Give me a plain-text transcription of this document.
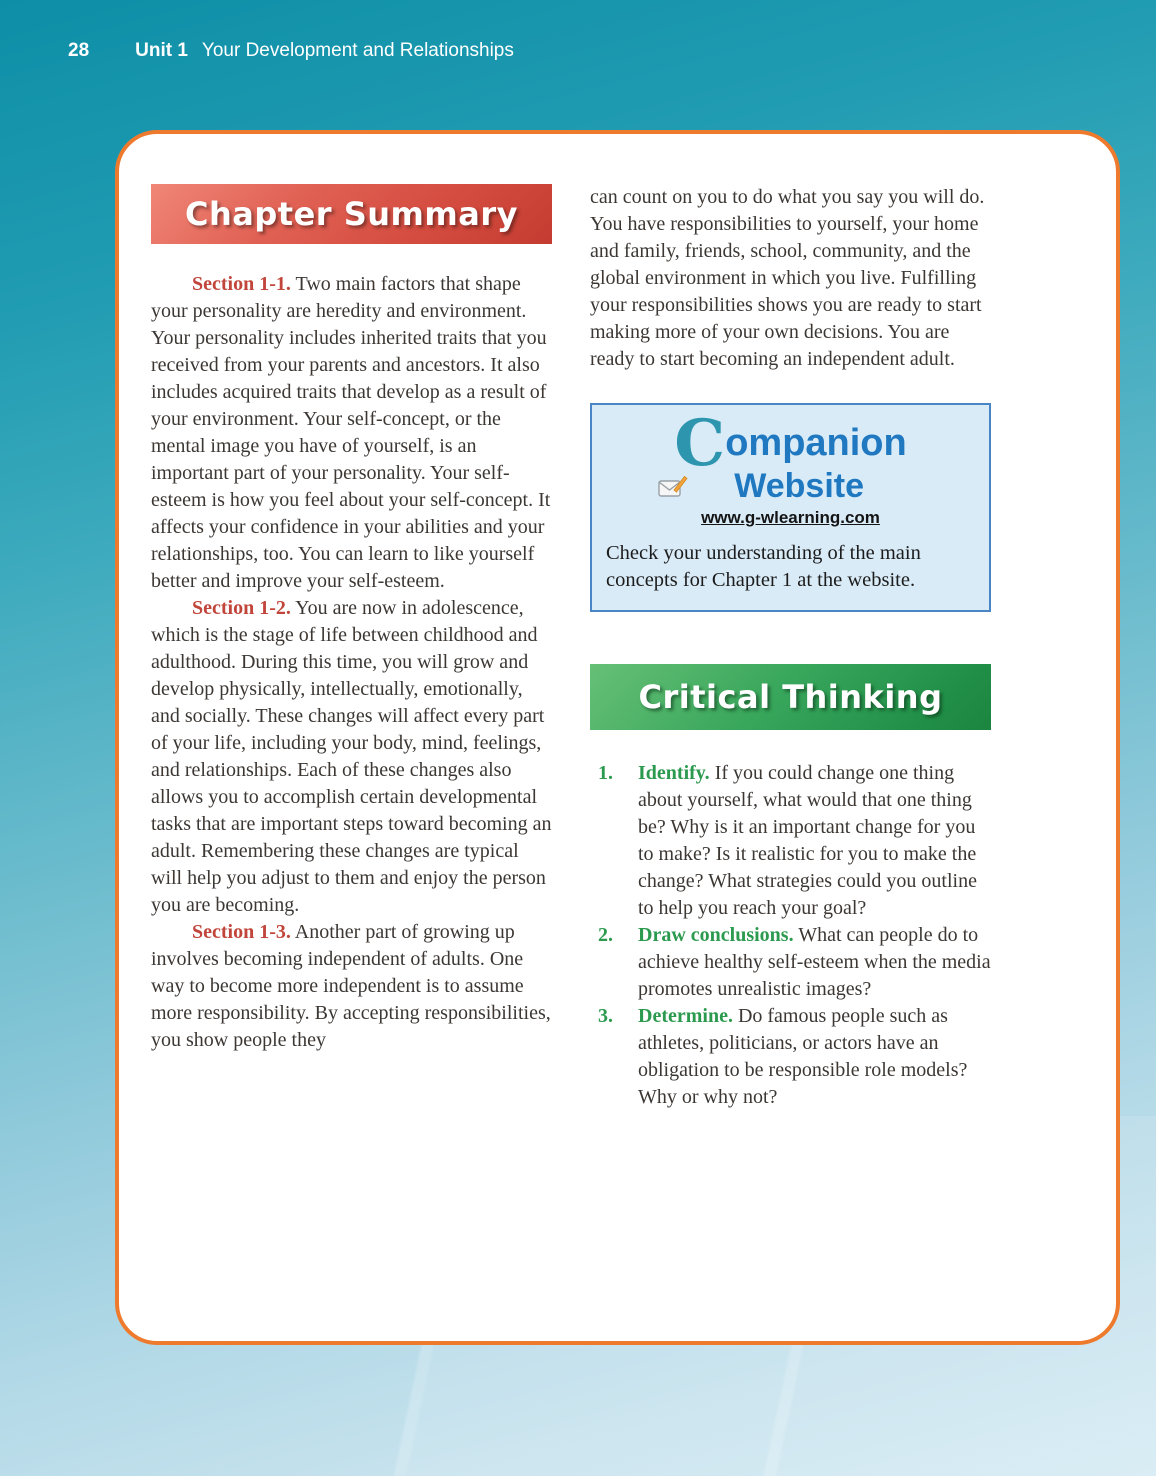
28 Unit 1 Your Development and Relationships
Chapter Summary

Section 1-1. Two main factors that shape your personality are heredity and environment. Your personality includes inherited traits that you received from your parents and ancestors. It also includes acquired traits that develop as a result of your environment. Your self-concept, or the mental image you have of yourself, is an important part of your personality. Your self-esteem is how you feel about your self-concept. It affects your confidence in your abilities and your relationships, too. You can learn to like yourself better and improve your self-esteem.

Section 1-2. You are now in adolescence, which is the stage of life between childhood and adulthood. During this time, you will grow and develop physically, intellectually, emotionally, and socially. These changes will affect every part of your life, including your body, mind, feelings, and relationships. Each of these changes also allows you to accomplish certain developmental tasks that are important steps toward becoming an adult. Remembering these changes are typical will help you adjust to them and enjoy the person you are becoming.

Section 1-3. Another part of growing up involves becoming independent of adults. One way to become more independent is to assume more responsibility. By accepting responsibilities, you show people they

can count on you to do what you say you will do. You have responsibilities to yourself, your home and family, friends, school, community, and the global environment in which you live. Fulfilling your responsibilities shows you are ready to start making more of your own decisions. You are ready to start becoming an independent adult.

Companion
Website
www.g-wlearning.com

Check your understanding of the main concepts for Chapter 1 at the website.

Critical Thinking
1.	Identify. If you could change one thing about yourself, what would that one thing be? Why is it an important change for you to make? Is it realistic for you to make the change? What strategies could you outline to help you reach your goal?
2.	Draw conclusions. What can people do to achieve healthy self-esteem when the media promotes unrealistic images?
3.	Determine. Do famous people such as athletes, politicians, or actors have an obligation to be responsible role models? Why or why not?
